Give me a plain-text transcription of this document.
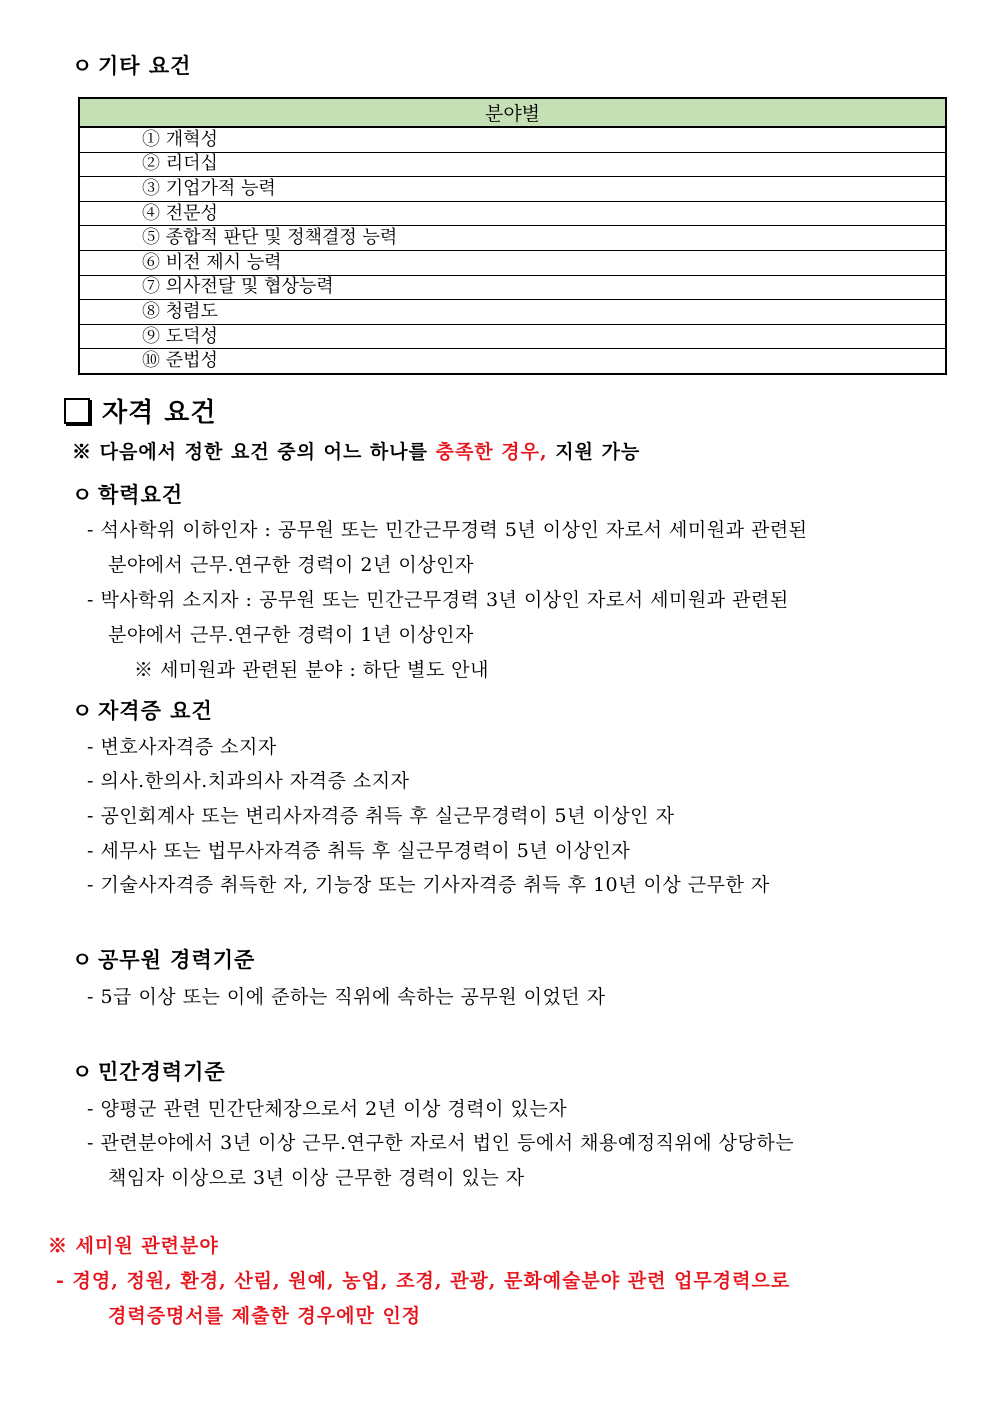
ㅇ 기타 요건
분야별
① 개혁성
② 리더십
③ 기업가적 능력
④ 전문성
⑤ 종합적 판단 및 정책결정 능력
⑥ 비전 제시 능력
⑦ 의사전달 및 협상능력
⑧ 청렴도
⑨ 도덕성
⑩ 준법성
자격 요건
※ 다음에서 정한 요건 중의 어느 하나를 충족한 경우, 지원 가능
ㅇ 학력요건
- 석사학위 이하인자 : 공무원 또는 민간근무경력 5년 이상인 자로서 세미원과 관련된
분야에서 근무.연구한 경력이 2년 이상인자
- 박사학위 소지자 : 공무원 또는 민간근무경력 3년 이상인 자로서 세미원과 관련된
분야에서 근무.연구한 경력이 1년 이상인자
※ 세미원과 관련된 분야 : 하단 별도 안내
ㅇ 자격증 요건
- 변호사자격증 소지자
- 의사.한의사.치과의사 자격증 소지자
- 공인회계사 또는 변리사자격증 취득 후 실근무경력이 5년 이상인 자
- 세무사 또는 법무사자격증 취득 후 실근무경력이 5년 이상인자
- 기술사자격증 취득한 자, 기능장 또는 기사자격증 취득 후 10년 이상 근무한 자
ㅇ 공무원 경력기준
- 5급 이상 또는 이에 준하는 직위에 속하는 공무원 이었던 자
ㅇ 민간경력기준
- 양평군 관련 민간단체장으로서 2년 이상 경력이 있는자
- 관련분야에서 3년 이상 근무.연구한 자로서 법인 등에서 채용예정직위에 상당하는
책임자 이상으로 3년 이상 근무한 경력이 있는 자
※ 세미원 관련분야
- 경영, 정원, 환경, 산림, 원예, 농업, 조경, 관광, 문화예술분야 관련 업무경력으로
경력증명서를 제출한 경우에만 인정
